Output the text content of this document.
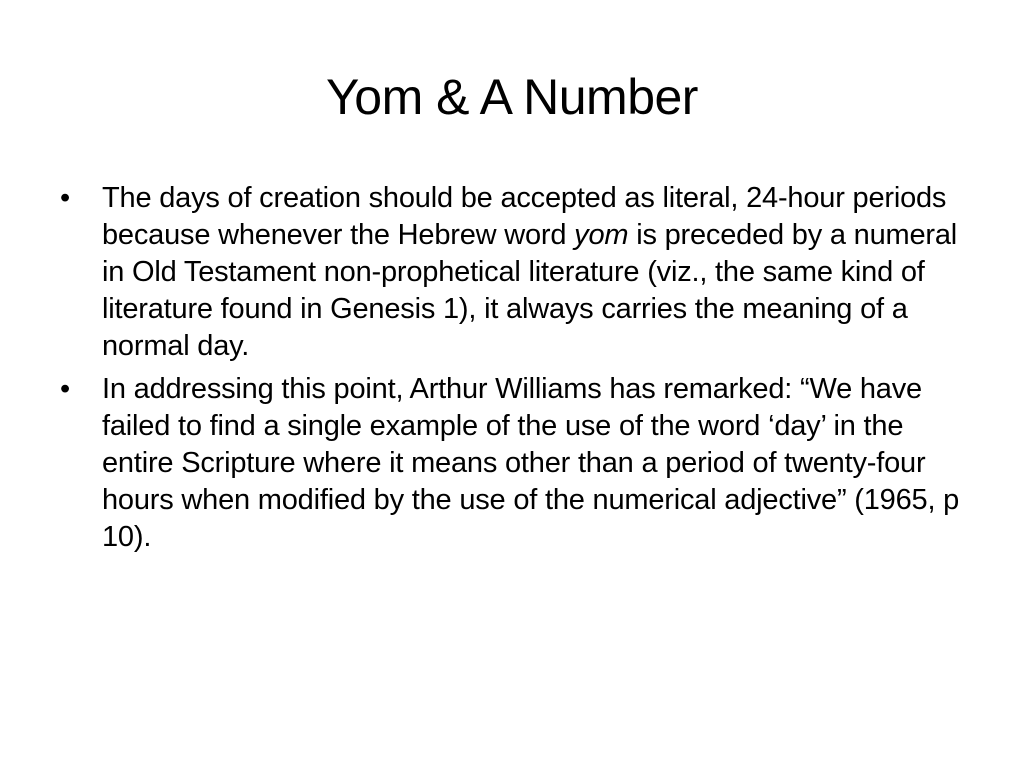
Yom & A Number
•	The days of creation should be accepted as literal, 24-hour periods because whenever the Hebrew word yom is preceded by a numeral in Old Testament non-prophetical literature (viz., the same kind of literature found in Genesis 1), it always carries the meaning of a normal day.
•	In addressing this point, Arthur Williams has remarked: “We have failed to find a single example of the use of the word ‘day’ in the entire Scripture where it means other than a period of twenty-four hours when modified by the use of the numerical adjective” (1965, p 10).
